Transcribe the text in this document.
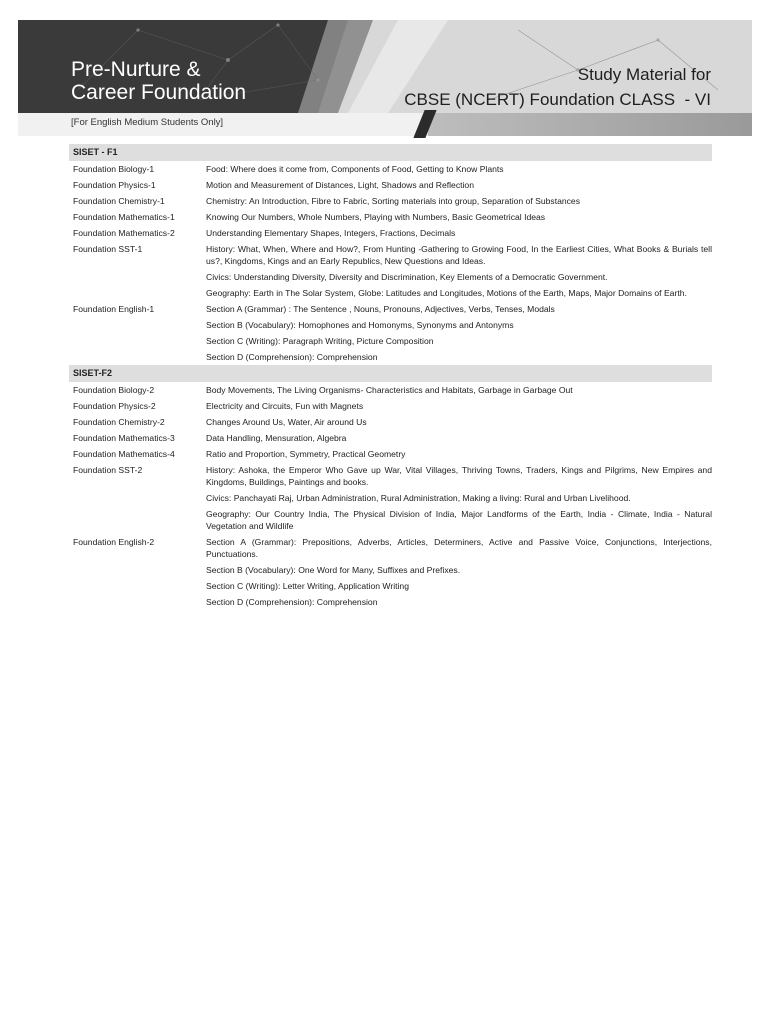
Pre-Nurture &
Career Foundation
Study Material for
CBSE (NCERT) Foundation CLASS  - VI
[For English Medium Students Only]
SISET - F1
Foundation Biology-1	Food: Where does it come from, Components of Food, Getting to Know Plants
Foundation Physics-1	Motion and Measurement of Distances, Light, Shadows and Reflection
Foundation Chemistry-1	Chemistry: An Introduction, Fibre to Fabric, Sorting materials into group, Separation of Substances
Foundation Mathematics-1	Knowing Our Numbers, Whole Numbers, Playing with Numbers, Basic Geometrical Ideas
Foundation Mathematics-2	Understanding Elementary Shapes, Integers, Fractions, Decimals
Foundation SST-1	History: What, When, Where and How?, From Hunting -Gathering to Growing Food, In the Earliest Cities, What Books & Burials tell us?, Kingdoms, Kings and an Early Republics, New Questions and Ideas.
Civics: Understanding Diversity, Diversity and Discrimination, Key Elements of a Democratic Government.
Geography: Earth in The Solar System, Globe: Latitudes and Longitudes, Motions of the Earth, Maps, Major Domains of Earth.
Foundation English-1	Section A (Grammar) : The Sentence , Nouns, Pronouns, Adjectives, Verbs, Tenses, Modals
Section B (Vocabulary): Homophones and Homonyms, Synonyms and Antonyms
Section C (Writing): Paragraph Writing, Picture Composition
Section D (Comprehension): Comprehension
SISET-F2
Foundation Biology-2	Body Movements, The Living Organisms- Characteristics and Habitats, Garbage in Garbage Out
Foundation Physics-2	Electricity and Circuits, Fun with Magnets
Foundation Chemistry-2	Changes Around Us, Water, Air around Us
Foundation Mathematics-3	Data Handling, Mensuration, Algebra
Foundation Mathematics-4	Ratio and Proportion, Symmetry, Practical Geometry
Foundation SST-2	History: Ashoka, the Emperor Who Gave up War, Vital Villages, Thriving Towns, Traders, Kings and Pilgrims, New Empires and Kingdoms, Buildings, Paintings and books.
Civics: Panchayati Raj, Urban Administration, Rural Administration, Making a living: Rural and Urban Livelihood.
Geography: Our Country India, The Physical Division of India, Major Landforms of the Earth, India - Climate, India - Natural Vegetation and Wildlife
Foundation English-2	Section A (Grammar): Prepositions, Adverbs, Articles, Determiners, Active and Passive Voice, Conjunctions, Interjections, Punctuations.
Section B (Vocabulary): One Word for Many, Suffixes and Prefixes.
Section C (Writing): Letter Writing, Application Writing
Section D (Comprehension): Comprehension
